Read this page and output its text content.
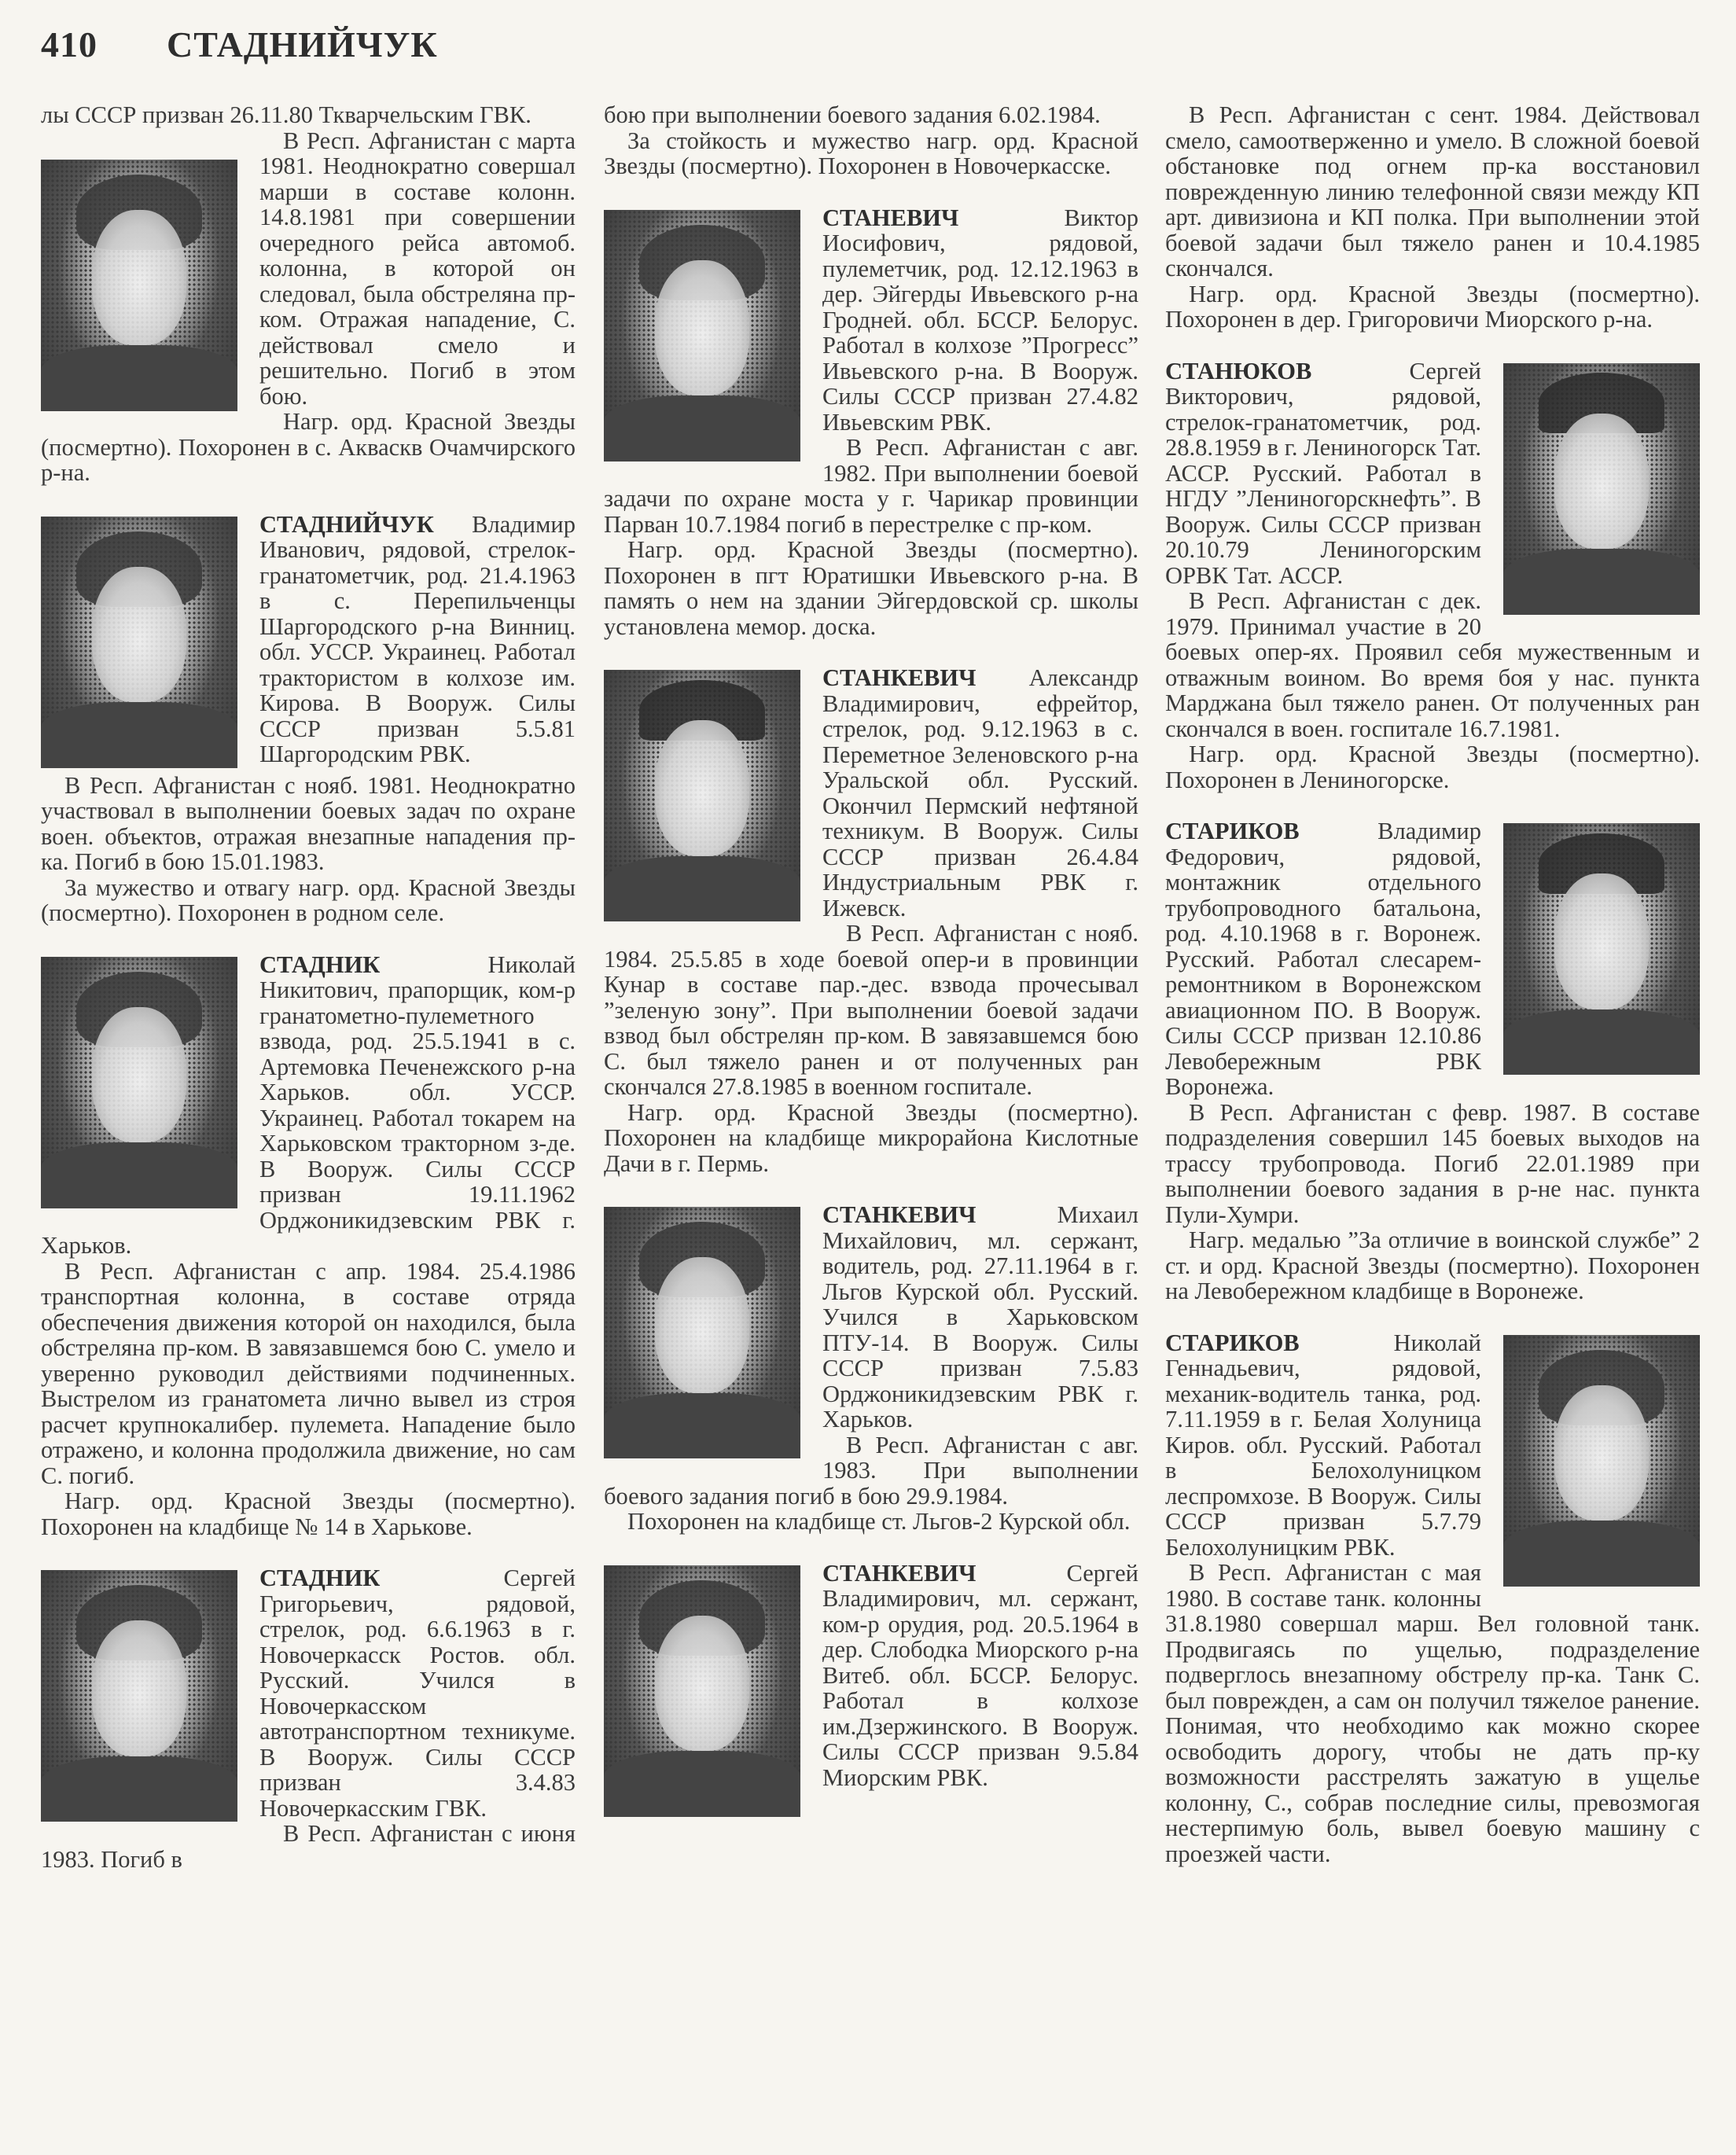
410 СТАДНИЙЧУК

лы СССР призван 26.11.80 Ткварчельским ГВК.

В Респ. Афганистан с марта 1981. Неоднократно совершал марши в составе колонн. 14.8.1981 при совершении очередного рейса автомоб. колонна, в которой он следовал, была обстреляна пр-ком. Отражая нападение, С. действовал смело и решительно. Погиб в этом бою.

Нагр. орд. Красной Звезды (посмертно). Похоронен в с. Акваскв Очамчирского р-на.

СТАДНИЙЧУК Владимир Иванович, рядовой, стрелок-гранатометчик, род. 21.4.1963 в с. Перепильченцы Шаргородского р-на Винниц. обл. УССР. Украинец. Работал трактористом в колхозе им. Кирова. В Вооруж. Силы СССР призван 5.5.81 Шаргородским РВК.

В Респ. Афганистан с нояб. 1981. Неоднократно участвовал в выполнении боевых задач по охране воен. объектов, отражая внезапные нападения пр-ка. Погиб в бою 15.01.1983.

За мужество и отвагу нагр. орд. Красной Звезды (посмертно). Похоронен в родном селе.

СТАДНИК	Николай Никитович, прапорщик, ком-р гранатометно-пулеметного взвода, род. 25.5.1941 в с. Артемовка Печенежского р-на Харьков. обл. УССР. Украинец. Работал токарем на Харьковском тракторном з-де. В Вооруж. Силы СССР призван 19.11.1962 Орджоникидзевским РВК г. Харьков.

В Респ. Афганистан с апр. 1984. 25.4.1986 транспортная колонна, в составе отряда обеспечения движения которой он находился, была обстреляна пр-ком. В завязавшемся бою С. умело и уверенно руководил действиями подчиненных. Выстрелом из гранатомета лично вывел из строя расчет крупнокалибер. пулемета. Нападение было отражено, и колонна продолжила движение, но сам С. погиб.

Нагр. орд. Красной Звезды (посмертно). Похоронен на кладбище № 14 в Харькове.

СТАДНИК	Сергей Григорьевич, рядовой, стрелок, род. 6.6.1963 в г. Новочеркасск Ростов. обл. Русский. Учился в Новочеркасском автотранспортном техникуме. В Вооруж. Силы СССР призван 3.4.83 Новочеркасским ГВК.

В Респ. Афганистан с июня 1983. Погиб в

бою при выполнении боевого задания 6.02.1984.

За стойкость и мужество нагр. орд. Красной Звезды (посмертно). Похоронен в Новочеркасске.

СТАНЕВИЧ	Виктор Иосифович, рядовой, пулеметчик, род. 12.12.1963 в дер. Эйгерды Ивьевского р-на Гродней. обл. БССР. Белорус. Работал в колхозе ”Прогресс” Ивьевского р-на. В Вооруж. Силы СССР призван 27.4.82 Ивьевским РВК.

В Респ. Афганистан с авг. 1982. При выполнении боевой задачи по охране моста у г. Чарикар провинции Парван 10.7.1984 погиб в перестрелке с пр-ком.

Нагр. орд. Красной Звезды (посмертно). Похоронен в пгт Юратишки Ивьевского р-на. В память о нем на здании Эйгердовской ср. школы установлена мемор. доска.

СТАНКЕВИЧ Александр Владимирович, ефрейтор, стрелок, род. 9.12.1963 в с. Переметное Зеленовского р-на Уральской обл. Русский. Окончил Пермский нефтяной техникум. В Вооруж. Силы СССР призван 26.4.84 Индустриальным РВК г. Ижевск.

В Респ. Афганистан с нояб. 1984. 25.5.85 в ходе боевой опер-и в провинции Кунар в составе пар.-дес. взвода прочесывал ”зеленую зону”. При выполнении боевой задачи взвод был обстрелян пр-ком. В завязавшемся бою С. был тяжело ранен и от полученных ран скончался 27.8.1985 в военном госпитале.

Нагр. орд. Красной Звезды (посмертно). Похоронен на кладбище микрорайона Кислотные Дачи в г. Пермь.

СТАНКЕВИЧ	Михаил Михайлович, мл. сержант, водитель, род. 27.11.1964 в г. Льгов Курской обл. Русский. Учился в Харьковском ПТУ-14. В Вооруж. Силы СССР призван 7.5.83 Орджоникидзевским РВК г. Харьков.

В Респ. Афганистан с авг. 1983. При выполнении боевого задания погиб в бою 29.9.1984.

Похоронен на кладбище ст. Льгов-2 Курской обл.

СТАНКЕВИЧ	Сергей Владимирович, мл. сержант, ком-р орудия, род. 20.5.1964 в дер. Слободка Миорского р-на Витеб. обл. БССР. Белорус. Работал в колхозе им.Дзержинского. В Вооруж. Силы СССР призван 9.5.84 Миорским РВК.

В Респ. Афганистан с сент. 1984. Действовал смело, самоотверженно и умело. В сложной боевой обстановке под огнем пр-ка восстановил поврежденную линию телефонной связи между КП арт. дивизиона и КП полка. При выполнении этой боевой задачи был тяжело ранен и 10.4.1985 скончался.

Нагр. орд. Красной Звезды (посмертно). Похоронен в дер. Григоровичи Миорского р-на.

СТАНЮКОВ	Сергей Викторович, рядовой, стрелок-гранатометчик, род. 28.8.1959 в г. Лениногорск Тат. АССР. Русский. Работал в НГДУ ”Лениногорскнефть”. В Вооруж. Силы СССР призван 20.10.79 Лениногорским ОРВК Тат. АССР.

В Респ. Афганистан с дек. 1979. Принимал участие в 20 боевых опер-ях. Проявил себя мужественным и отважным воином. Во время боя у нас. пункта Марджана был тяжело ранен. От полученных ран скончался в воен. госпитале 16.7.1981.

Нагр. орд. Красной Звезды (посмертно). Похоронен в Лениногорске.

СТАРИКОВ	Владимир Федорович, рядовой, монтажник отдельного трубопроводного батальона, род. 4.10.1968 в г. Воронеж. Русский. Работал слесарем-ремонтником в Воронежском авиационном ПО. В Вооруж. Силы СССР призван 12.10.86 Левобережным РВК Воронежа.

В Респ. Афганистан с февр. 1987. В составе подразделения совершил 145 боевых выходов на трассу трубопровода. Погиб 22.01.1989 при выполнении боевого задания в р-не нас. пункта Пули-Хумри.

Нагр. медалью ”За отличие в воинской службе” 2 ст. и орд. Красной Звезды (посмертно). Похоронен на Левобережном кладбище в Воронеже.

СТАРИКОВ	Николай Геннадьевич, рядовой, механик-водитель танка, род. 7.11.1959 в г. Белая Холуница Киров. обл. Русский. Работал в Белохолуницком леспромхозе. В Вооруж. Силы СССР призван 5.7.79 Белохолуницким РВК.

В Респ. Афганистан с мая 1980. В составе танк. колонны 31.8.1980 совершал марш. Вел головной танк. Продвигаясь по ущелью, подразделение подверглось внезапному обстрелу пр-ка. Танк С. был поврежден, а сам он получил тяжелое ранение. Понимая, что необходимо как можно скорее освободить дорогу, чтобы не дать пр-ку возможности расстрелять зажатую в ущелье колонну, С., собрав последние силы, превозмогая нестерпимую боль, вывел боевую машину с проезжей части.
